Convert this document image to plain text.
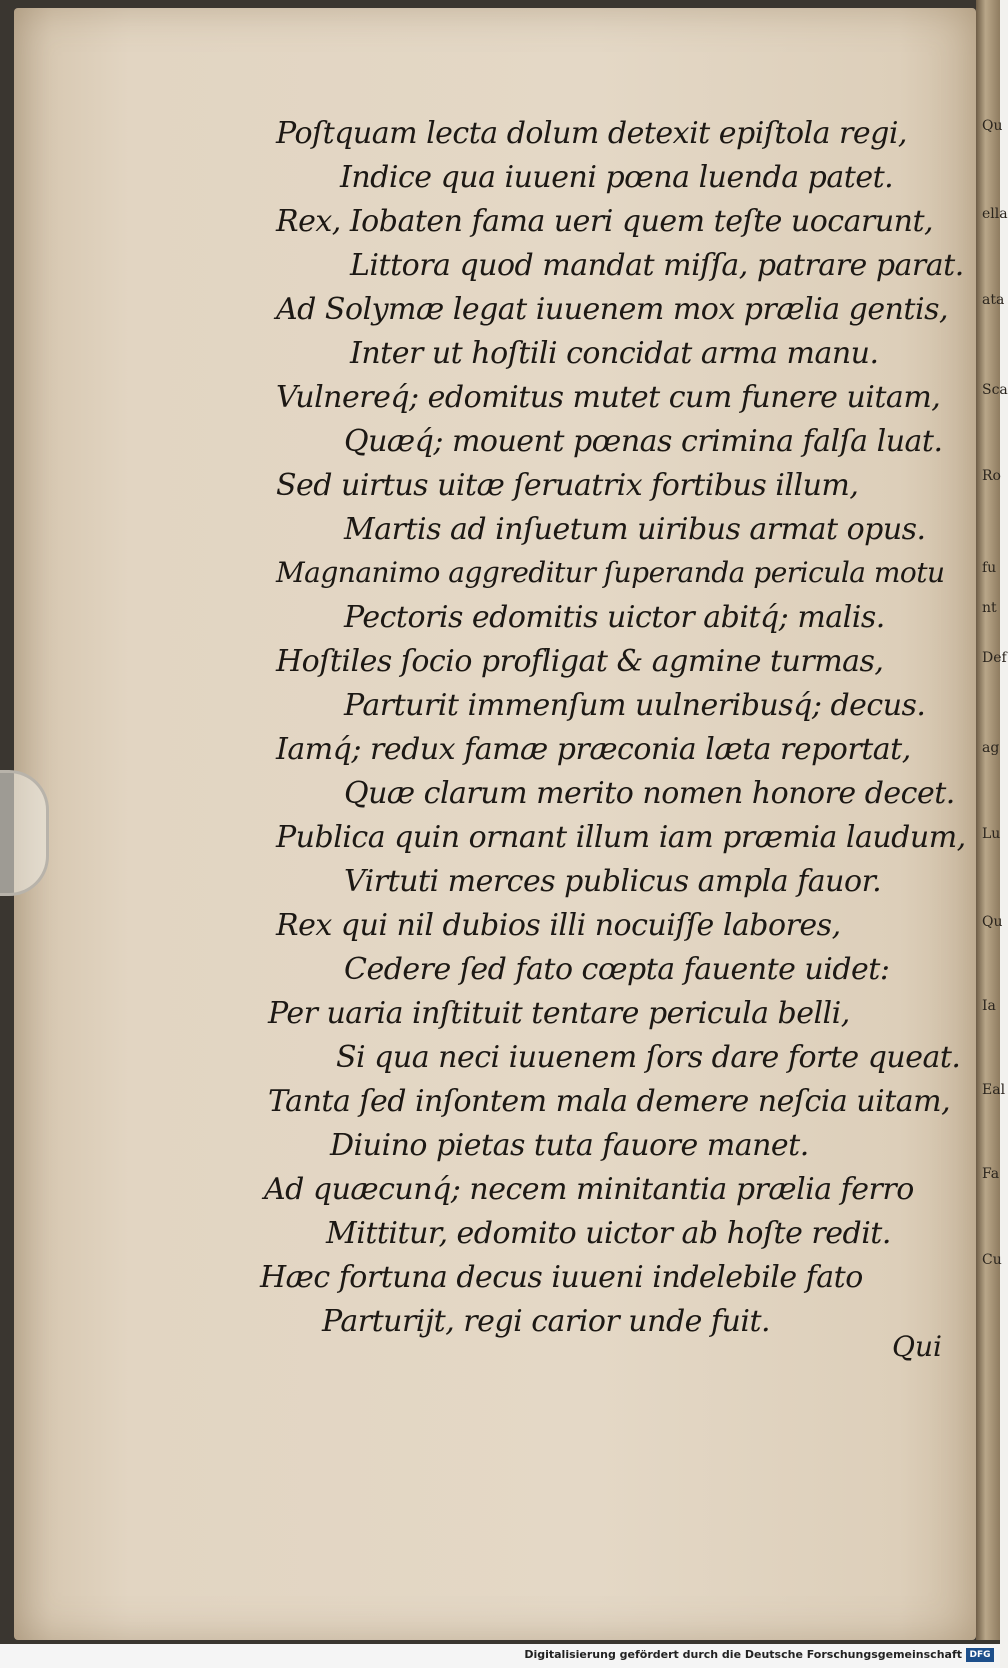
Poſtquam lecta dolum detexit epiſtola regi,
Indice qua iuueni pœna luenda patet.
Rex, Iobaten fama ueri quem teſte uocarunt,
Littora quod mandat miſſa, patrare parat.
Ad Solymæ legat iuuenem mox prælia gentis,
Inter ut hoſtili concidat arma manu.
Vulnereq́; edomitus mutet cum funere uitam,
Quæq́; mouent pœnas crimina falſa luat.
Sed uirtus uitæ ſeruatrix fortibus illum,
Martis ad inſuetum uiribus armat opus.
Magnanimo aggreditur ſuperanda pericula motu
Pectoris edomitis uictor abitq́; malis.
Hoſtiles ſocio profligat & agmine turmas,
Parturit immenſum uulneribusq́; decus.
Iamq́; redux famæ præconia læta reportat,
Quæ clarum merito nomen honore decet.
Publica quin ornant illum iam præmia laudum,
Virtuti merces publicus ampla fauor.
Rex qui nil dubios illi nocuiſſe labores,
Cedere ſed fato cœpta fauente uidet:
Per uaria inſtituit tentare pericula belli,
Si qua neci iuuenem ſors dare forte queat.
Tanta ſed inſontem mala demere neſcia uitam,
Diuino pietas tuta fauore manet.
Ad quæcunq́; necem minitantia prælia ferro
Mittitur, edomito uictor ab hoſte redit.
Hæc fortuna decus iuueni indelebile fato
Parturijt, regi carior unde fuit.
Qui
Qu
ella
ata
Sca
Ro
fu
nt
Def
ag
Lu
Qu
Ia
Eal
Fa
Cu
Digitalisierung gefördert durch die Deutsche Forschungsgemeinschaft DFG
